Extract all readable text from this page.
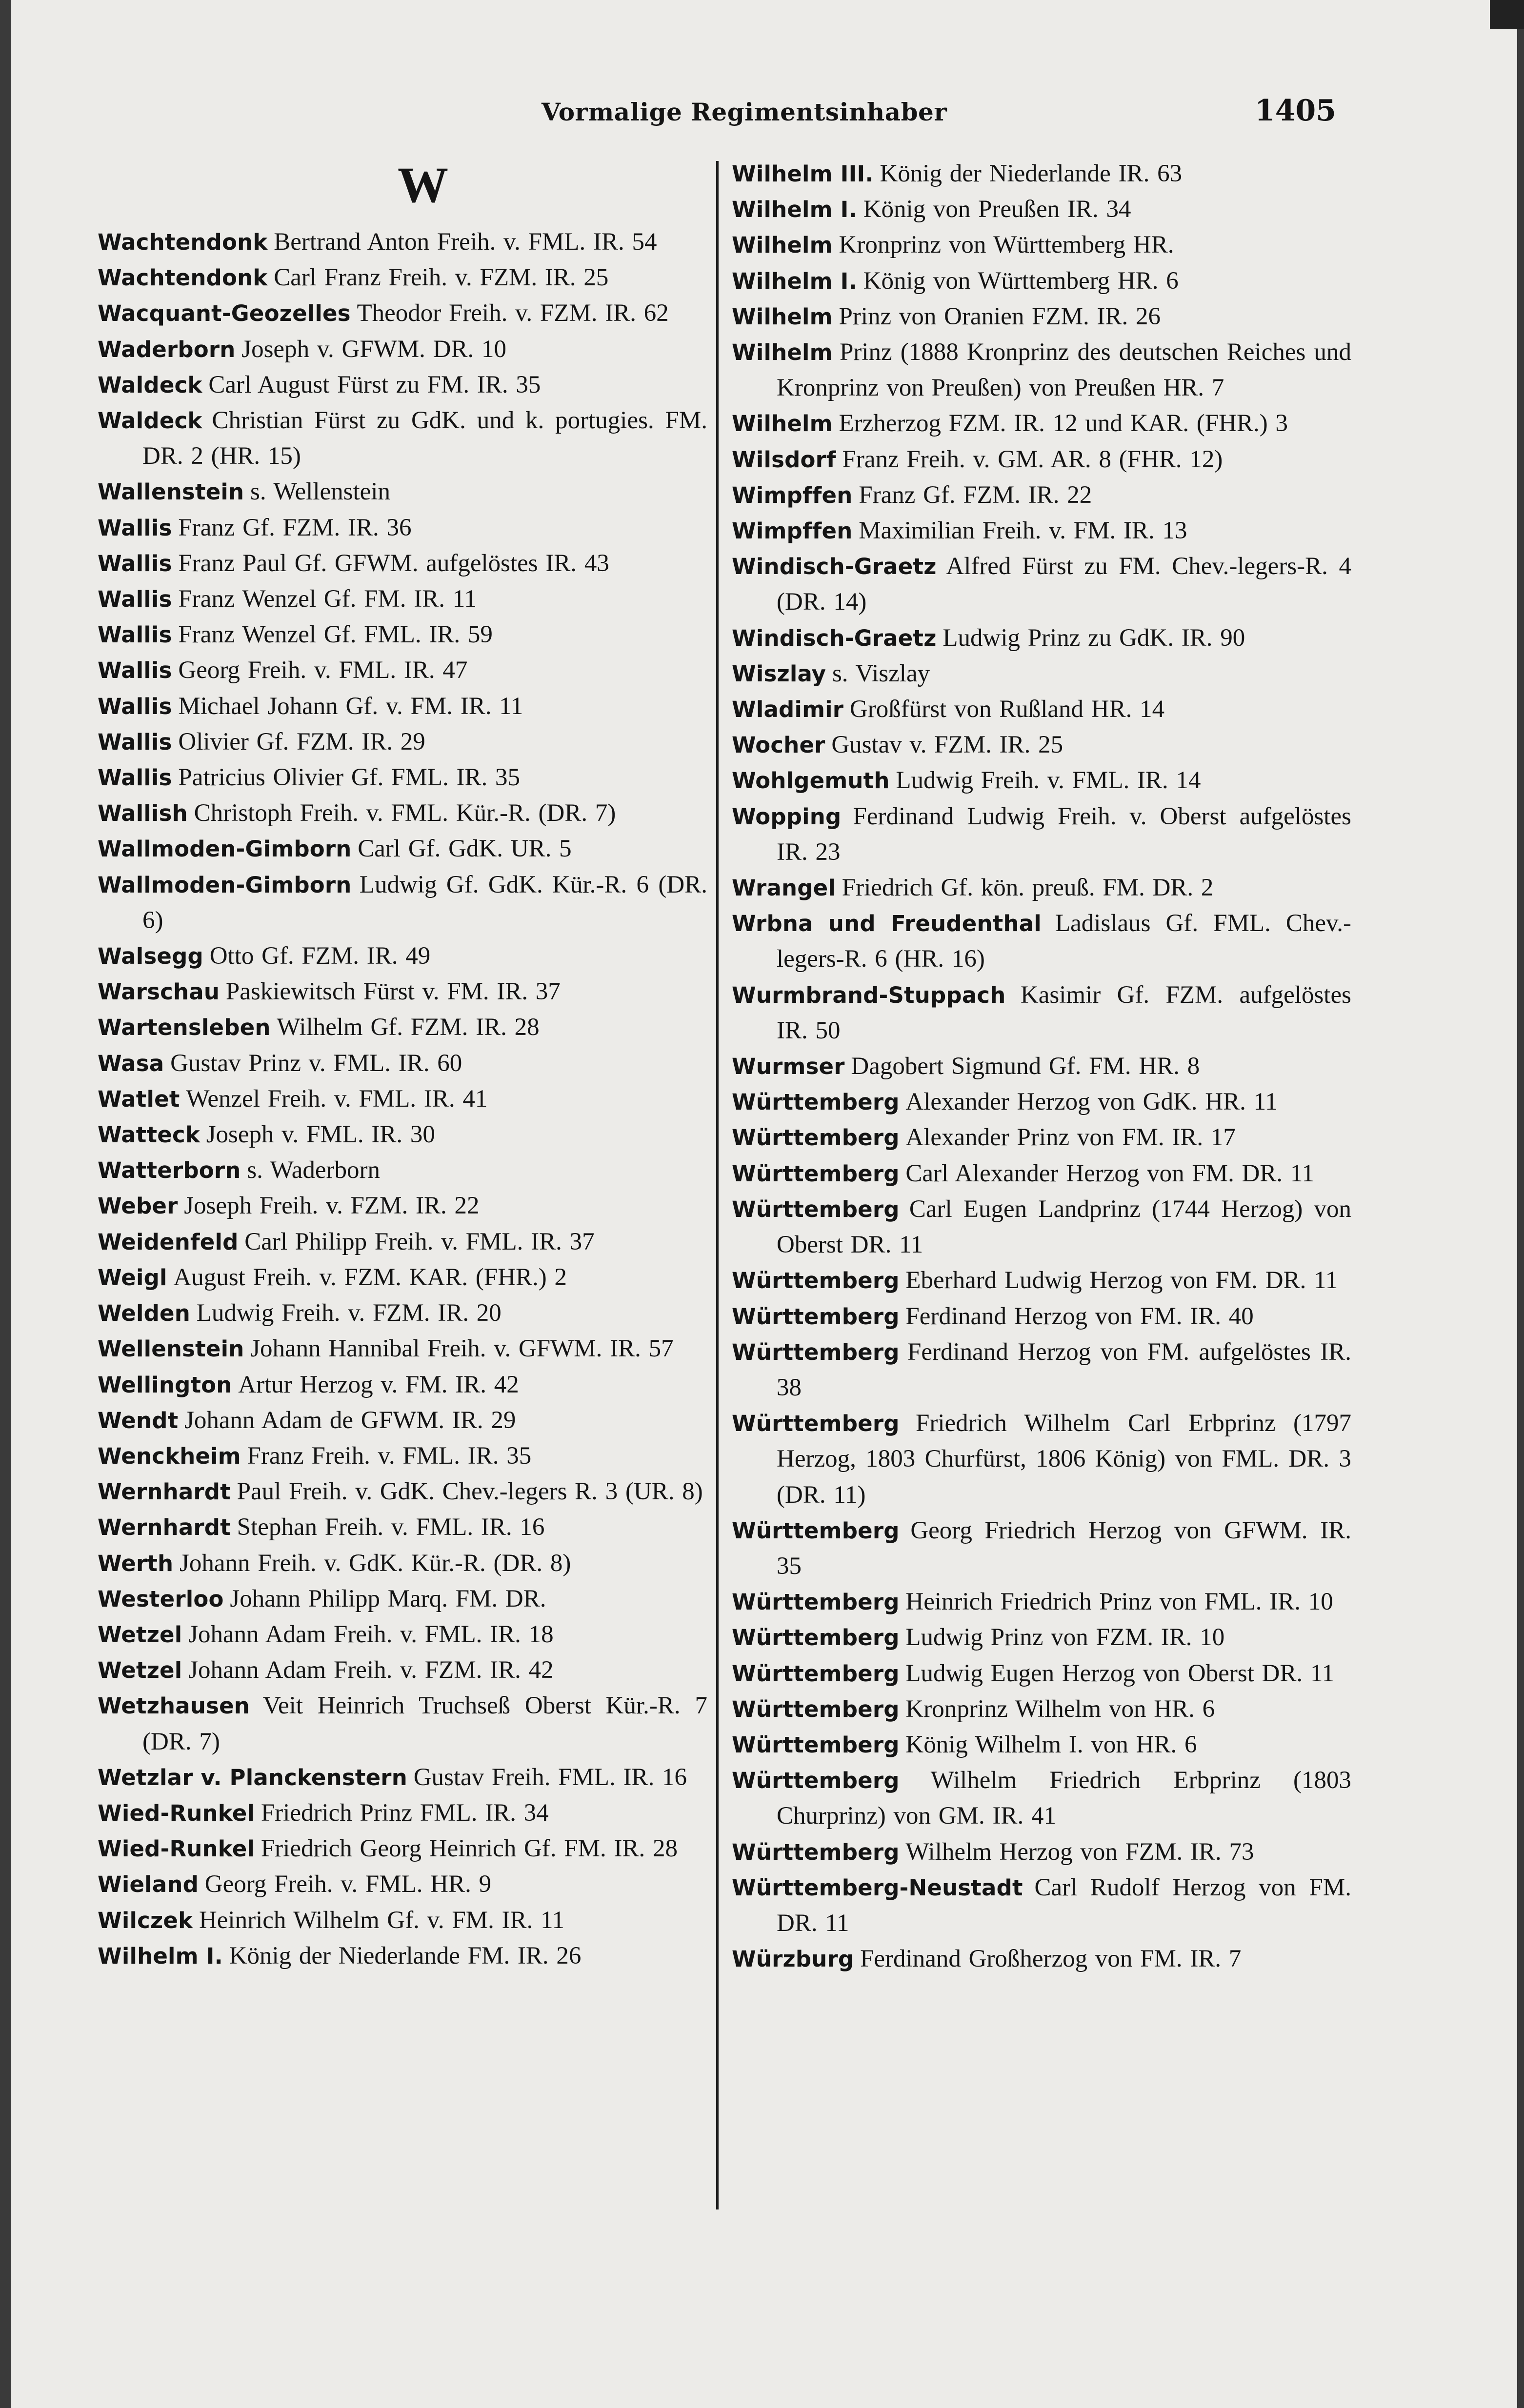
Vormalige Regimentsinhaber	1405
W

Wachtendonk Bertrand Anton Freih. v. FML. IR. 54

Wachtendonk Carl Franz Freih. v. FZM. IR. 25

Wacquant-Geozelles Theodor Freih. v. FZM. IR. 62

Waderborn Joseph v. GFWM. DR. 10

Waldeck Carl August Fürst zu FM. IR. 35

Waldeck Christian Fürst zu GdK. und k. portugies. FM. DR. 2 (HR. 15)

Wallenstein s. Wellenstein

Wallis Franz Gf. FZM. IR. 36

Wallis Franz Paul Gf. GFWM. aufgelöstes IR. 43

Wallis Franz Wenzel Gf. FM. IR. 11

Wallis Franz Wenzel Gf. FML. IR. 59

Wallis Georg Freih. v. FML. IR. 47

Wallis Michael Johann Gf. v. FM. IR. 11

Wallis Olivier Gf. FZM. IR. 29

Wallis Patricius Olivier Gf. FML. IR. 35

Wallish Christoph Freih. v. FML. Kür.-R. (DR. 7)

Wallmoden-Gimborn Carl Gf. GdK. UR. 5

Wallmoden-Gimborn Ludwig Gf. GdK. Kür.-R. 6 (DR. 6)

Walsegg Otto Gf. FZM. IR. 49

Warschau Paskiewitsch Fürst v. FM. IR. 37

Wartensleben Wilhelm Gf. FZM. IR. 28

Wasa Gustav Prinz v. FML. IR. 60

Watlet Wenzel Freih. v. FML. IR. 41

Watteck Joseph v. FML. IR. 30

Watterborn s. Waderborn

Weber Joseph Freih. v. FZM. IR. 22

Weidenfeld Carl Philipp Freih. v. FML. IR. 37

Weigl August Freih. v. FZM. KAR. (FHR.) 2

Welden Ludwig Freih. v. FZM. IR. 20

Wellenstein Johann Hannibal Freih. v. GFWM. IR. 57

Wellington Artur Herzog v. FM. IR. 42

Wendt Johann Adam de GFWM. IR. 29

Wenckheim Franz Freih. v. FML. IR. 35

Wernhardt Paul Freih. v. GdK. Chev.-legers R. 3 (UR. 8)

Wernhardt Stephan Freih. v. FML. IR. 16

Werth Johann Freih. v. GdK. Kür.-R. (DR. 8)

Westerloo Johann Philipp Marq. FM. DR.

Wetzel Johann Adam Freih. v. FML. IR. 18

Wetzel Johann Adam Freih. v. FZM. IR. 42

Wetzhausen Veit Heinrich Truchseß Oberst Kür.-R. 7 (DR. 7)

Wetzlar v. Planckenstern Gustav Freih. FML. IR. 16

Wied-Runkel Friedrich Prinz FML. IR. 34

Wied-Runkel Friedrich Georg Heinrich Gf. FM. IR. 28

Wieland Georg Freih. v. FML. HR. 9

Wilczek Heinrich Wilhelm Gf. v. FM. IR. 11

Wilhelm I. König der Niederlande FM. IR. 26

Wilhelm III. König der Niederlande IR. 63

Wilhelm I. König von Preußen IR. 34

Wilhelm Kronprinz von Württemberg HR.

Wilhelm I. König von Württemberg HR. 6

Wilhelm Prinz von Oranien FZM. IR. 26

Wilhelm Prinz (1888 Kronprinz des deutschen Reiches und Kronprinz von Preußen) von Preußen HR. 7

Wilhelm Erzherzog FZM. IR. 12 und KAR. (FHR.) 3

Wilsdorf Franz Freih. v. GM. AR. 8 (FHR. 12)

Wimpffen Franz Gf. FZM. IR. 22

Wimpffen Maximilian Freih. v. FM. IR. 13

Windisch-Graetz Alfred Fürst zu FM. Chev.-legers-R. 4 (DR. 14)

Windisch-Graetz Ludwig Prinz zu GdK. IR. 90

Wiszlay s. Viszlay

Wladimir Großfürst von Rußland HR. 14

Wocher Gustav v. FZM. IR. 25

Wohlgemuth Ludwig Freih. v. FML. IR. 14

Wopping Ferdinand Ludwig Freih. v. Oberst aufgelöstes IR. 23

Wrangel Friedrich Gf. kön. preuß. FM. DR. 2

Wrbna und Freudenthal Ladislaus Gf. FML. Chev.-legers-R. 6 (HR. 16)

Wurmbrand-Stuppach Kasimir Gf. FZM. aufgelöstes IR. 50

Wurmser Dagobert Sigmund Gf. FM. HR. 8

Württemberg Alexander Herzog von GdK. HR. 11

Württemberg Alexander Prinz von FM. IR. 17

Württemberg Carl Alexander Herzog von FM. DR. 11

Württemberg Carl Eugen Landprinz (1744 Herzog) von Oberst DR. 11

Württemberg Eberhard Ludwig Herzog von FM. DR. 11

Württemberg Ferdinand Herzog von FM. IR. 40

Württemberg Ferdinand Herzog von FM. aufgelöstes IR. 38

Württemberg Friedrich Wilhelm Carl Erbprinz (1797 Herzog, 1803 Churfürst, 1806 König) von FML. DR. 3 (DR. 11)

Württemberg Georg Friedrich Herzog von GFWM. IR. 35

Württemberg Heinrich Friedrich Prinz von FML. IR. 10

Württemberg Ludwig Prinz von FZM. IR. 10

Württemberg Ludwig Eugen Herzog von Oberst DR. 11

Württemberg Kronprinz Wilhelm von HR. 6

Württemberg König Wilhelm I. von HR. 6

Württemberg Wilhelm Friedrich Erbprinz (1803 Churprinz) von GM. IR. 41

Württemberg Wilhelm Herzog von FZM. IR. 73

Württemberg-Neustadt Carl Rudolf Herzog von FM. DR. 11

Würzburg Ferdinand Großherzog von FM. IR. 7
